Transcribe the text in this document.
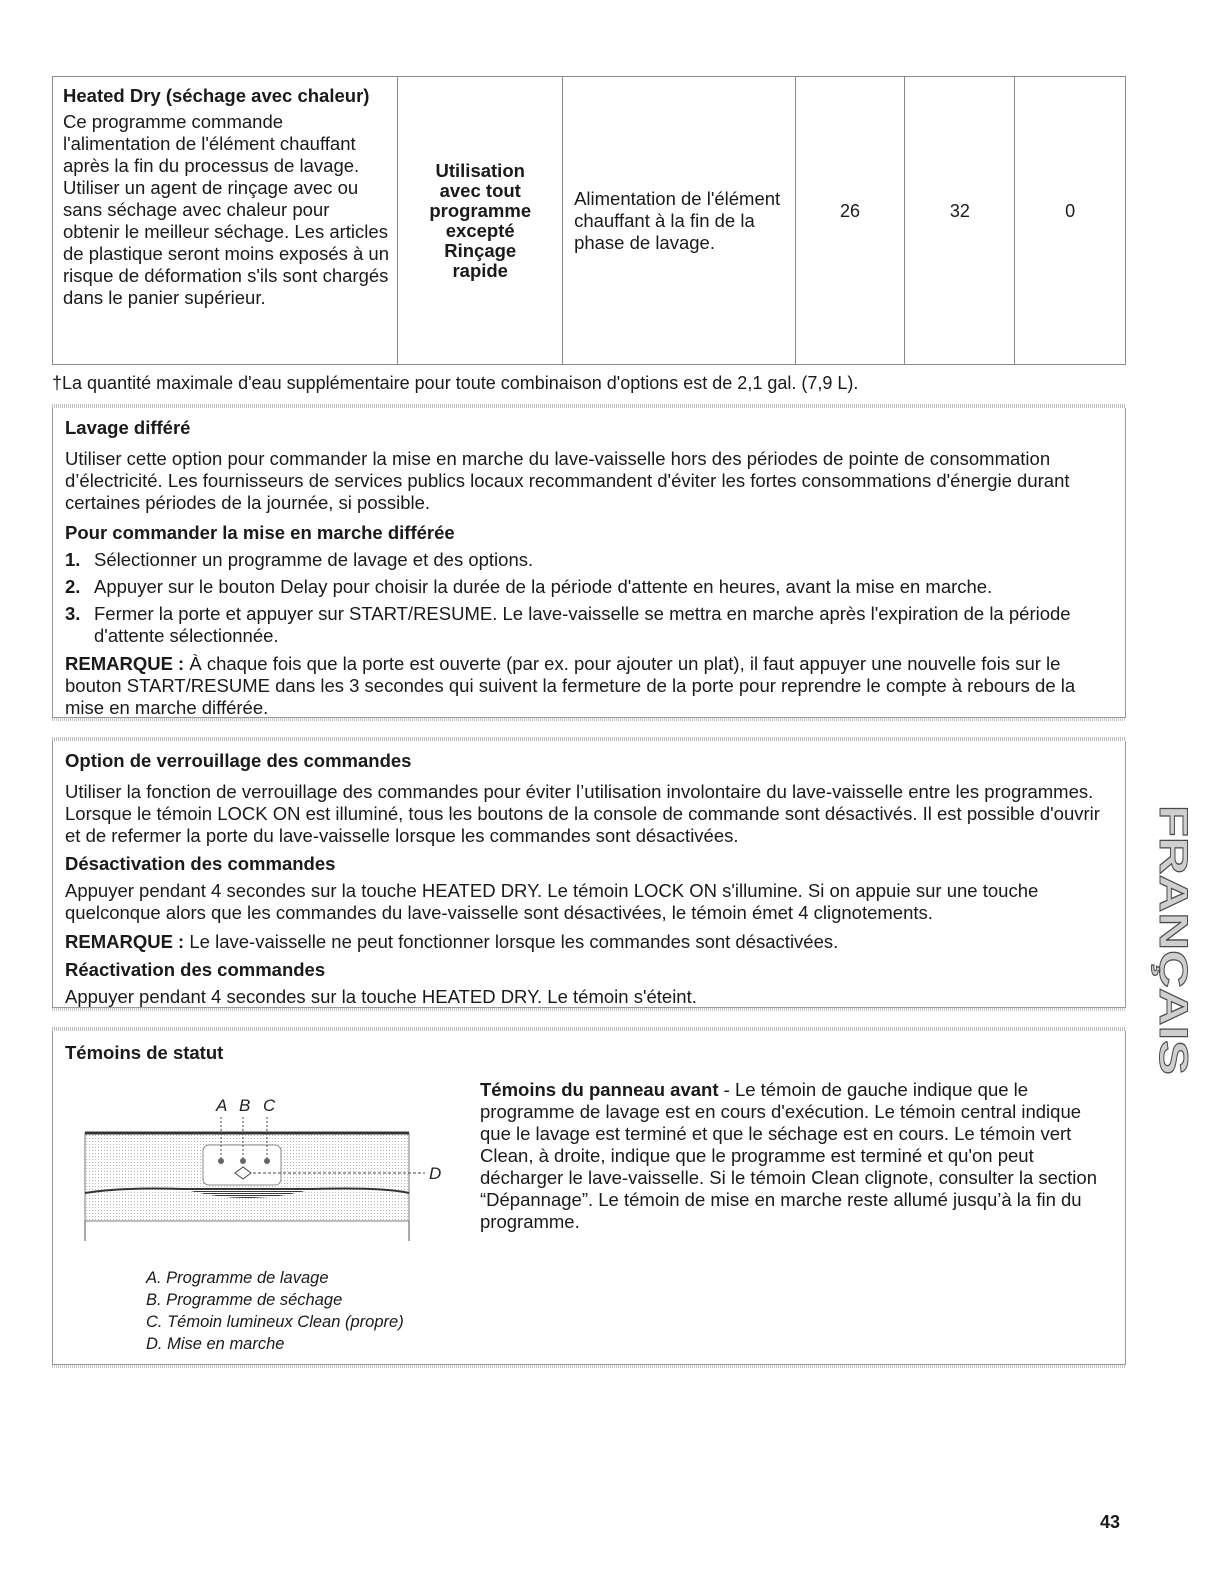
Heated Dry (séchage avec chaleur)
Ce programme commande l'alimentation de l'élément chauffant après la fin du processus de lavage. Utiliser un agent de rinçage avec ou sans séchage avec chaleur pour obtenir le meilleur séchage. Les articles de plastique seront moins exposés à un risque de déformation s'ils sont chargés dans le panier supérieur.
Utilisation
avec tout
programme
excepté
Rinçage
rapide
Alimentation de l'élément chauffant à la fin de la phase de lavage.
26	32	0
†La quantité maximale d'eau supplémentaire pour toute combinaison d'options est de 2,1 gal. (7,9 L).
Lavage différé
Utiliser cette option pour commander la mise en marche du lave-vaisselle hors des périodes de pointe de consommation d’électricité. Les fournisseurs de services publics locaux recommandent d'éviter les fortes consommations d'énergie durant certaines périodes de la journée, si possible.
Pour commander la mise en marche différée
1. Sélectionner un programme de lavage et des options.
2. Appuyer sur le bouton Delay pour choisir la durée de la période d'attente en heures, avant la mise en marche.
3. Fermer la porte et appuyer sur START/RESUME. Le lave-vaisselle se mettra en marche après l'expiration de la période d'attente sélectionnée.
REMARQUE : À chaque fois que la porte est ouverte (par ex. pour ajouter un plat), il faut appuyer une nouvelle fois sur le bouton START/RESUME dans les 3 secondes qui suivent la fermeture de la porte pour reprendre le compte à rebours de la mise en marche différée.
Option de verrouillage des commandes
Utiliser la fonction de verrouillage des commandes pour éviter l’utilisation involontaire du lave-vaisselle entre les programmes. Lorsque le témoin LOCK ON est illuminé, tous les boutons de la console de commande sont désactivés. Il est possible d'ouvrir et de refermer la porte du lave-vaisselle lorsque les commandes sont désactivées.
Désactivation des commandes
Appuyer pendant 4 secondes sur la touche HEATED DRY. Le témoin LOCK ON s'illumine. Si on appuie sur une touche quelconque alors que les commandes du lave-vaisselle sont désactivées, le témoin émet 4 clignotements.
REMARQUE : Le lave-vaisselle ne peut fonctionner lorsque les commandes sont désactivées.
Réactivation des commandes
Appuyer pendant 4 secondes sur la touche HEATED DRY. Le témoin s'éteint.
Témoins de statut
A B C
D
A. Programme de lavage
B. Programme de séchage
C. Témoin lumineux Clean (propre)
D. Mise en marche
Témoins du panneau avant - Le témoin de gauche indique que le programme de lavage est en cours d'exécution. Le témoin central indique que le lavage est terminé et que le séchage est en cours. Le témoin vert Clean, à droite, indique que le programme est terminé et qu'on peut décharger le lave-vaisselle. Si le témoin Clean clignote, consulter la section “Dépannage”. Le témoin de mise en marche reste allumé jusqu’à la fin du programme.
FRANÇAIS
43
